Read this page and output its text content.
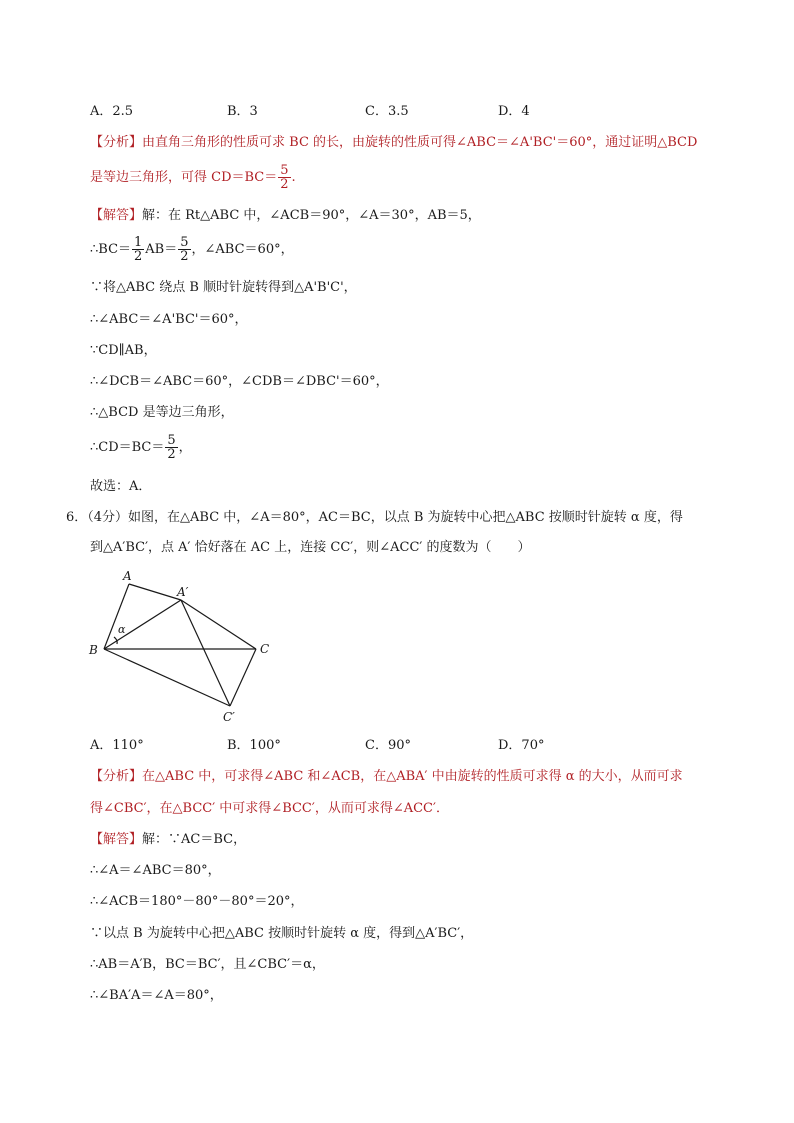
A．2.5	B．3	C．3.5	D．4
【分析】由直角三角形的性质可求 BC 的长，由旋转的性质可得∠ABC＝∠A'BC'＝60°，通过证明△BCD
是等边三角形，可得 $CD=BC= \frac{5}{2}$ .
【解答】解：在 Rt△ABC 中，∠ACB＝90°，∠A＝30°，AB＝5，
∴BC＝ $\frac{1}{2} AB= \frac{5}{2}$ ，∠ABC＝60°，
∵将△ABC 绕点 B 顺时针旋转得到△A'B'C'，
∴∠ABC＝∠A'BC'＝60°，
∵CD∥AB，
∴∠DCB＝∠ABC＝60°，∠CDB＝∠DBC'＝60°，
∴△BCD 是等边三角形，
∴CD＝BC＝ $\frac{5}{2}$ ，
故选：A．
6．（4分）如图，在△ABC 中，∠A＝80°，AC＝BC，以点 B 为旋转中心把△ABC 按顺时针旋转 α 度，得
到△A′BC′，点 A′ 恰好落在 AC 上，连接 CC′，则∠ACC′ 的度数为（　　）
A
A′
B	C
C′
α
A．110°	B．100°	C．90°	D．70°
【分析】在△ABC 中，可求得∠ABC 和∠ACB，在△ABA′ 中由旋转的性质可求得 α 的大小，从而可求
得∠CBC′，在△BCC′ 中可求得∠BCC′，从而可求得∠ACC′．
【解答】解：∵AC＝BC，
∴∠A＝∠ABC＝80°，
∴∠ACB＝180°－80°－80°＝20°，
∵以点 B 为旋转中心把△ABC 按顺时针旋转 α 度，得到△A′BC′，
∴AB＝A′B，BC＝BC′，且∠CBC′＝α，
∴∠BA′A＝∠A＝80°，
